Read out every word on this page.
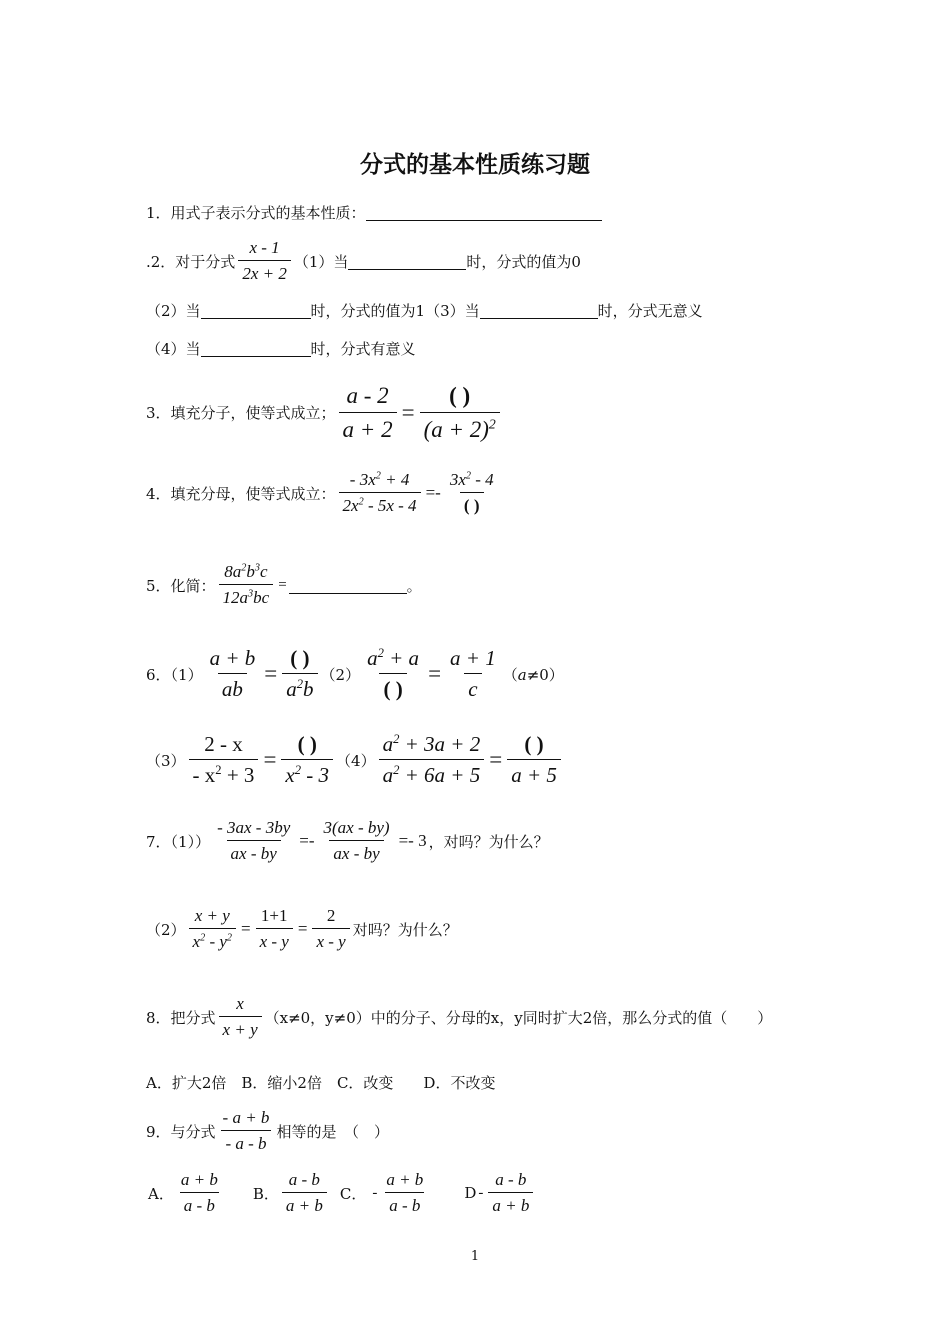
分式的基本性质练习题
1．用式子表示分式的基本性质：
.2．对于分式 $\frac{x - 1}{2x + 2} (1)$当	时，分式的值为0
（2）当	时，分式的值为1 （3）当	时，分式无意义
（4）当	时，分式有意义
3．填充分子，使等式成立； $\frac{a - 2}{a + 2} = \frac{( )}{(a + 2)^2}$
4．填充分母，使等式成立： $\frac{- 3x^2 + 4}{2x^2 - 5x - 4} =- \frac{3x^2 - 4}{( )}$
5．化简： $\frac{8a^2b^3c}{12a^3bc}$ =	。
6．$(1) \frac{a + b}{ab} = \frac{( )}{a^2b} (2) \frac{a^2 + a}{( )} = \frac{a + 1}{c} (a\ne 0)$
$(3) \frac{2 - x}{- x^2 + 3} = \frac{( )}{x^2 - 3} (4) \frac{a^2 + 3a + 2}{a^2 + 6a + 5} = \frac{( )}{a + 5}$
7．$(1)) \frac{- 3ax - 3by}{ax - by} =- \frac{3(ax - by)}{ax - by} =- 3$ ，对吗？为什么？
$(2) \frac{x + y}{x^2 - y^2} = \frac{1+1}{x - y} = \frac{2}{x - y}$ 对吗？为什么？
8．把分式 $\frac{x}{x + y} (x\ne 0$，y≠0）中的分子、分母的x，y同时扩大2倍，那么分式的值（　　）
A．扩大2倍　B．缩小2倍　C．改变　　D．不改变
9．与分式 $\frac{- a + b}{- a - b}$ 相等的是　（　）
A． $\frac{a + b}{a - b}$ B． $\frac{a - b}{a + b}$ C． - $\frac{a + b}{a - b}$ D - $\frac{a - b}{a + b}$
1
